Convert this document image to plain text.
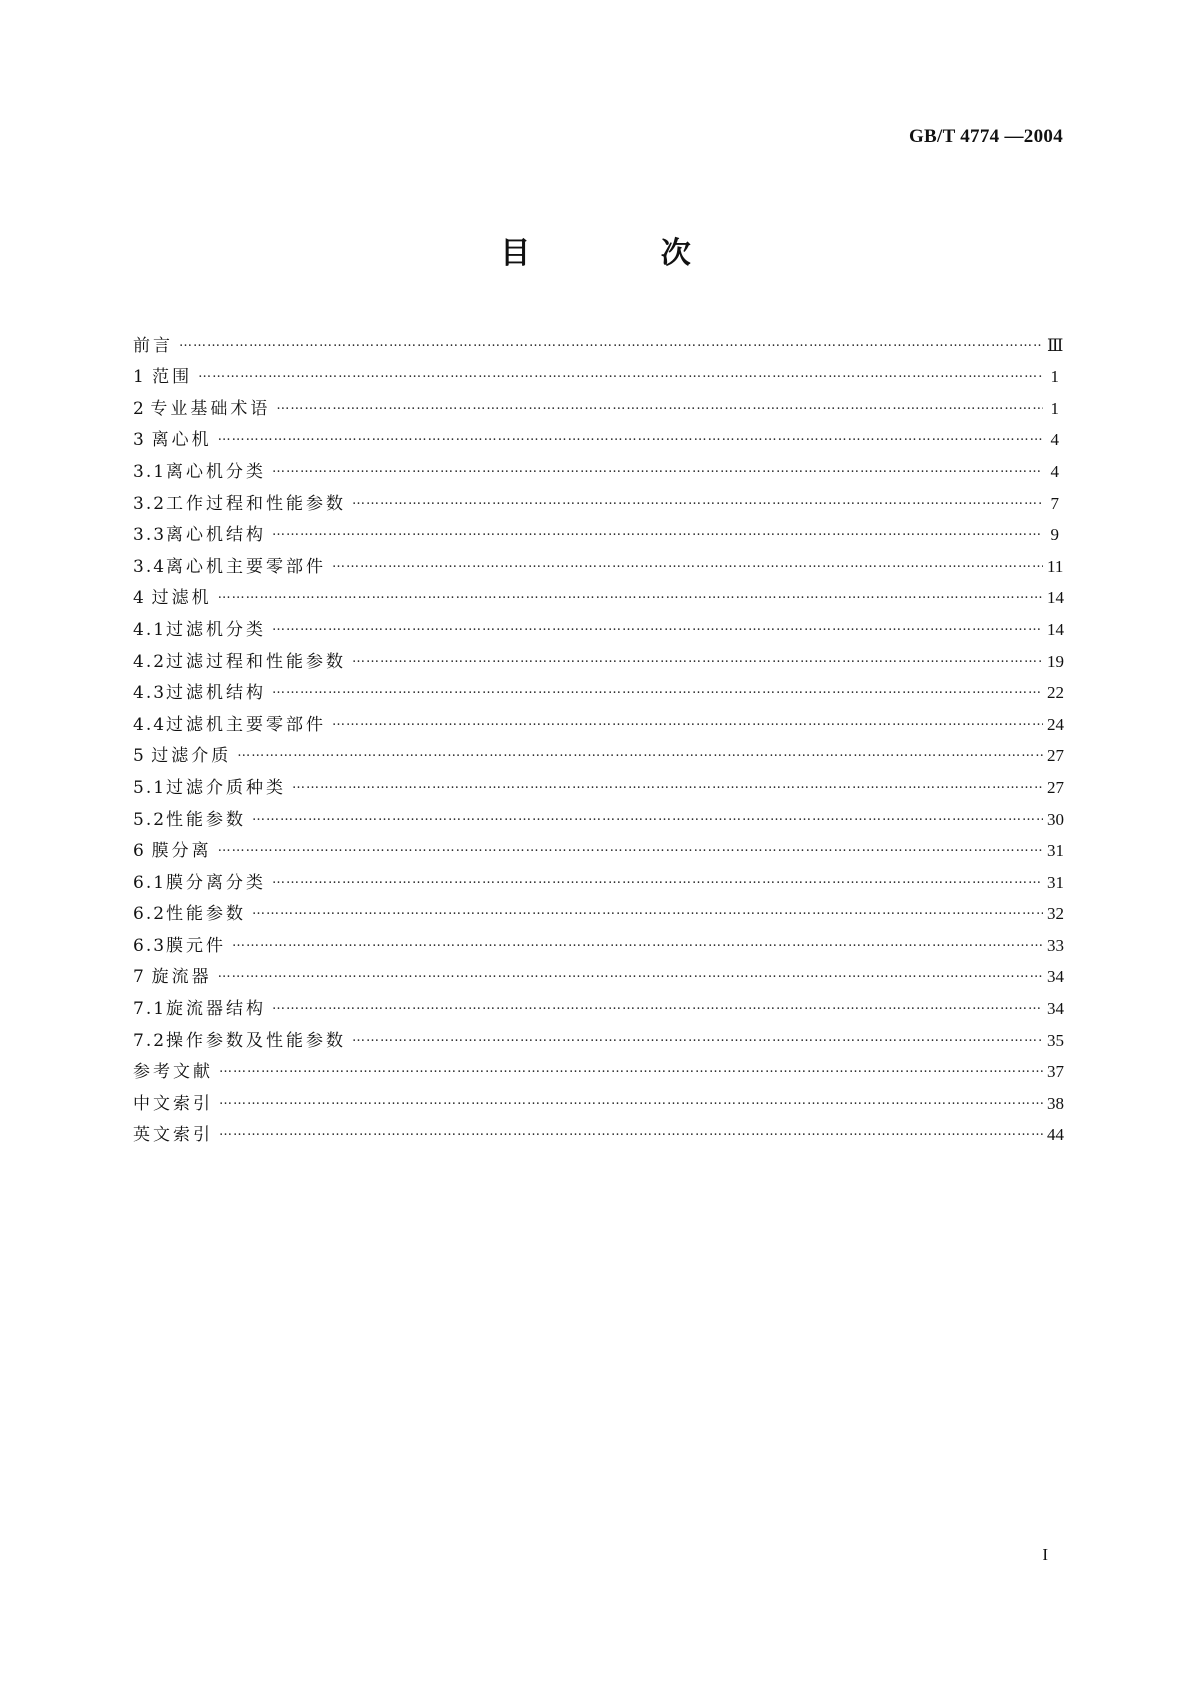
GB/T 4774 —2004
目 次
前言 ……………………………………………………………………………………………………………………………………………………………………………………………………………………………………………………………………………	Ⅲ
1 范围 ……………………………………………………………………………………………………………………………………………………………………………………………………………………………………………………………………………	1
2 专业基础术语 ……………………………………………………………………………………………………………………………………………………………………………………………………………………………………………………………………………	1
3 离心机 ……………………………………………………………………………………………………………………………………………………………………………………………………………………………………………………………………………	4
3.1 离心机分类 ……………………………………………………………………………………………………………………………………………………………………………………………………………………………………………………………………………	4
3.2 工作过程和性能参数 ……………………………………………………………………………………………………………………………………………………………………………………………………………………………………………………………………………	7
3.3 离心机结构 ……………………………………………………………………………………………………………………………………………………………………………………………………………………………………………………………………………	9
3.4 离心机主要零部件 ……………………………………………………………………………………………………………………………………………………………………………………………………………………………………………………………………………	11
4 过滤机 ……………………………………………………………………………………………………………………………………………………………………………………………………………………………………………………………………………	14
4.1 过滤机分类 ……………………………………………………………………………………………………………………………………………………………………………………………………………………………………………………………………………	14
4.2 过滤过程和性能参数 ……………………………………………………………………………………………………………………………………………………………………………………………………………………………………………………………………………	19
4.3 过滤机结构 ……………………………………………………………………………………………………………………………………………………………………………………………………………………………………………………………………………	22
4.4 过滤机主要零部件 ……………………………………………………………………………………………………………………………………………………………………………………………………………………………………………………………………………	24
5 过滤介质 ……………………………………………………………………………………………………………………………………………………………………………………………………………………………………………………………………………	27
5.1 过滤介质种类 ……………………………………………………………………………………………………………………………………………………………………………………………………………………………………………………………………………	27
5.2 性能参数 ……………………………………………………………………………………………………………………………………………………………………………………………………………………………………………………………………………	30
6 膜分离 ……………………………………………………………………………………………………………………………………………………………………………………………………………………………………………………………………………	31
6.1 膜分离分类 ……………………………………………………………………………………………………………………………………………………………………………………………………………………………………………………………………………	31
6.2 性能参数 ……………………………………………………………………………………………………………………………………………………………………………………………………………………………………………………………………………	32
6.3 膜元件 ……………………………………………………………………………………………………………………………………………………………………………………………………………………………………………………………………………	33
7 旋流器 ……………………………………………………………………………………………………………………………………………………………………………………………………………………………………………………………………………	34
7.1 旋流器结构 ……………………………………………………………………………………………………………………………………………………………………………………………………………………………………………………………………………	34
7.2 操作参数及性能参数 ……………………………………………………………………………………………………………………………………………………………………………………………………………………………………………………………………………	35
参考文献 ……………………………………………………………………………………………………………………………………………………………………………………………………………………………………………………………………………	37
中文索引 ……………………………………………………………………………………………………………………………………………………………………………………………………………………………………………………………………………	38
英文索引 ……………………………………………………………………………………………………………………………………………………………………………………………………………………………………………………………………………	44
I
